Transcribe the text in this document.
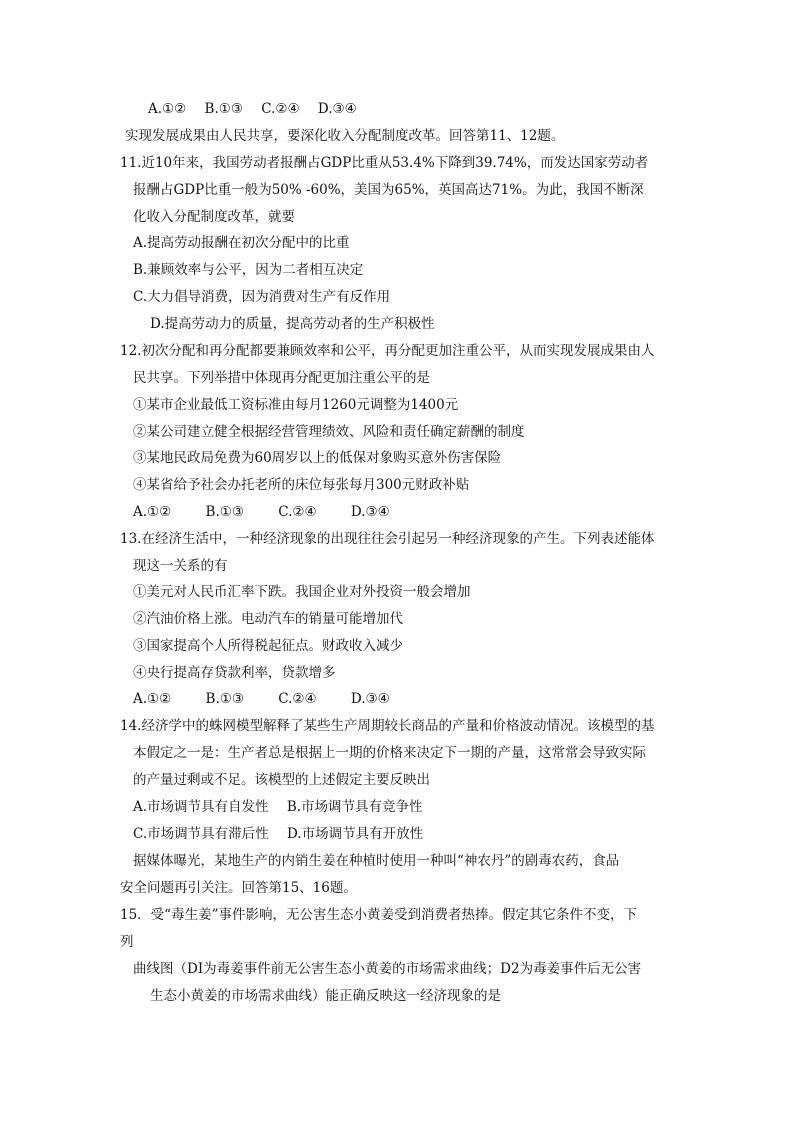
A.①② B.①③ C.②④ D.③④
实现发展成果由人民共享，要深化收入分配制度改革。回答第11、12题。
11.近10年来，我国劳动者报酬占GDP比重从53.4%下降到39.74%，而发达国家劳动者
报酬占GDP比重一般为50% -60%，美国为65%，英国高达71%。为此，我国不断深
化收入分配制度改革，就要
A.提高劳动报酬在初次分配中的比重
B.兼顾效率与公平，因为二者相互决定
C.大力倡导消费，因为消费对生产有反作用
D.提高劳动力的质量，提高劳动者的生产积极性
12.初次分配和再分配都要兼顾效率和公平，再分配更加注重公平，从而实现发展成果由人
民共享。下列举措中体现再分配更加注重公平的是
①某市企业最低工资标准由每月1260元调整为1400元
②某公司建立健全根据经营管理绩效、风险和责任确定薪酬的制度
③某地民政局免费为60周岁以上的低保对象购买意外伤害保险
④某省给予社会办托老所的床位每张每月300元财政补贴
A.①②	B.①③	C.②④	D.③④
13.在经济生活中，一种经济现象的出现往往会引起另一种经济现象的产生。下列表述能体
现这一关系的有
①美元对人民币汇率下跌。我国企业对外投资一般会增加
②汽油价格上涨。电动汽车的销量可能增加代
③国家提高个人所得税起征点。财政收入减少
④央行提高存贷款利率，贷款增多
A.①②	B.①③	C.②④	D.③④
14.经济学中的蛛网模型解释了某些生产周期较长商品的产量和价格波动情况。该模型的基
本假定之一是：生产者总是根据上一期的价格来决定下一期的产量，这常常会导致实际
的产量过剩或不足。该模型的上述假定主要反映出
A.市场调节具有自发性 B.市场调节具有竞争性
C.市场调节具有滞后性 D.市场调节具有开放性
据媒体曝光，某地生产的内销生姜在种植时使用一种叫“神农丹”的剧毒农药，食品
安全问题再引关注。回答第15、16题。
15．受“毒生姜”事件影响，无公害生态小黄姜受到消费者热捧。假定其它条件不变，下
列
曲线图（DI为毒姜事件前无公害生态小黄姜的市场需求曲线；D2为毒姜事件后无公害
生态小黄姜的市场需求曲线）能正确反映这一经济现象的是
